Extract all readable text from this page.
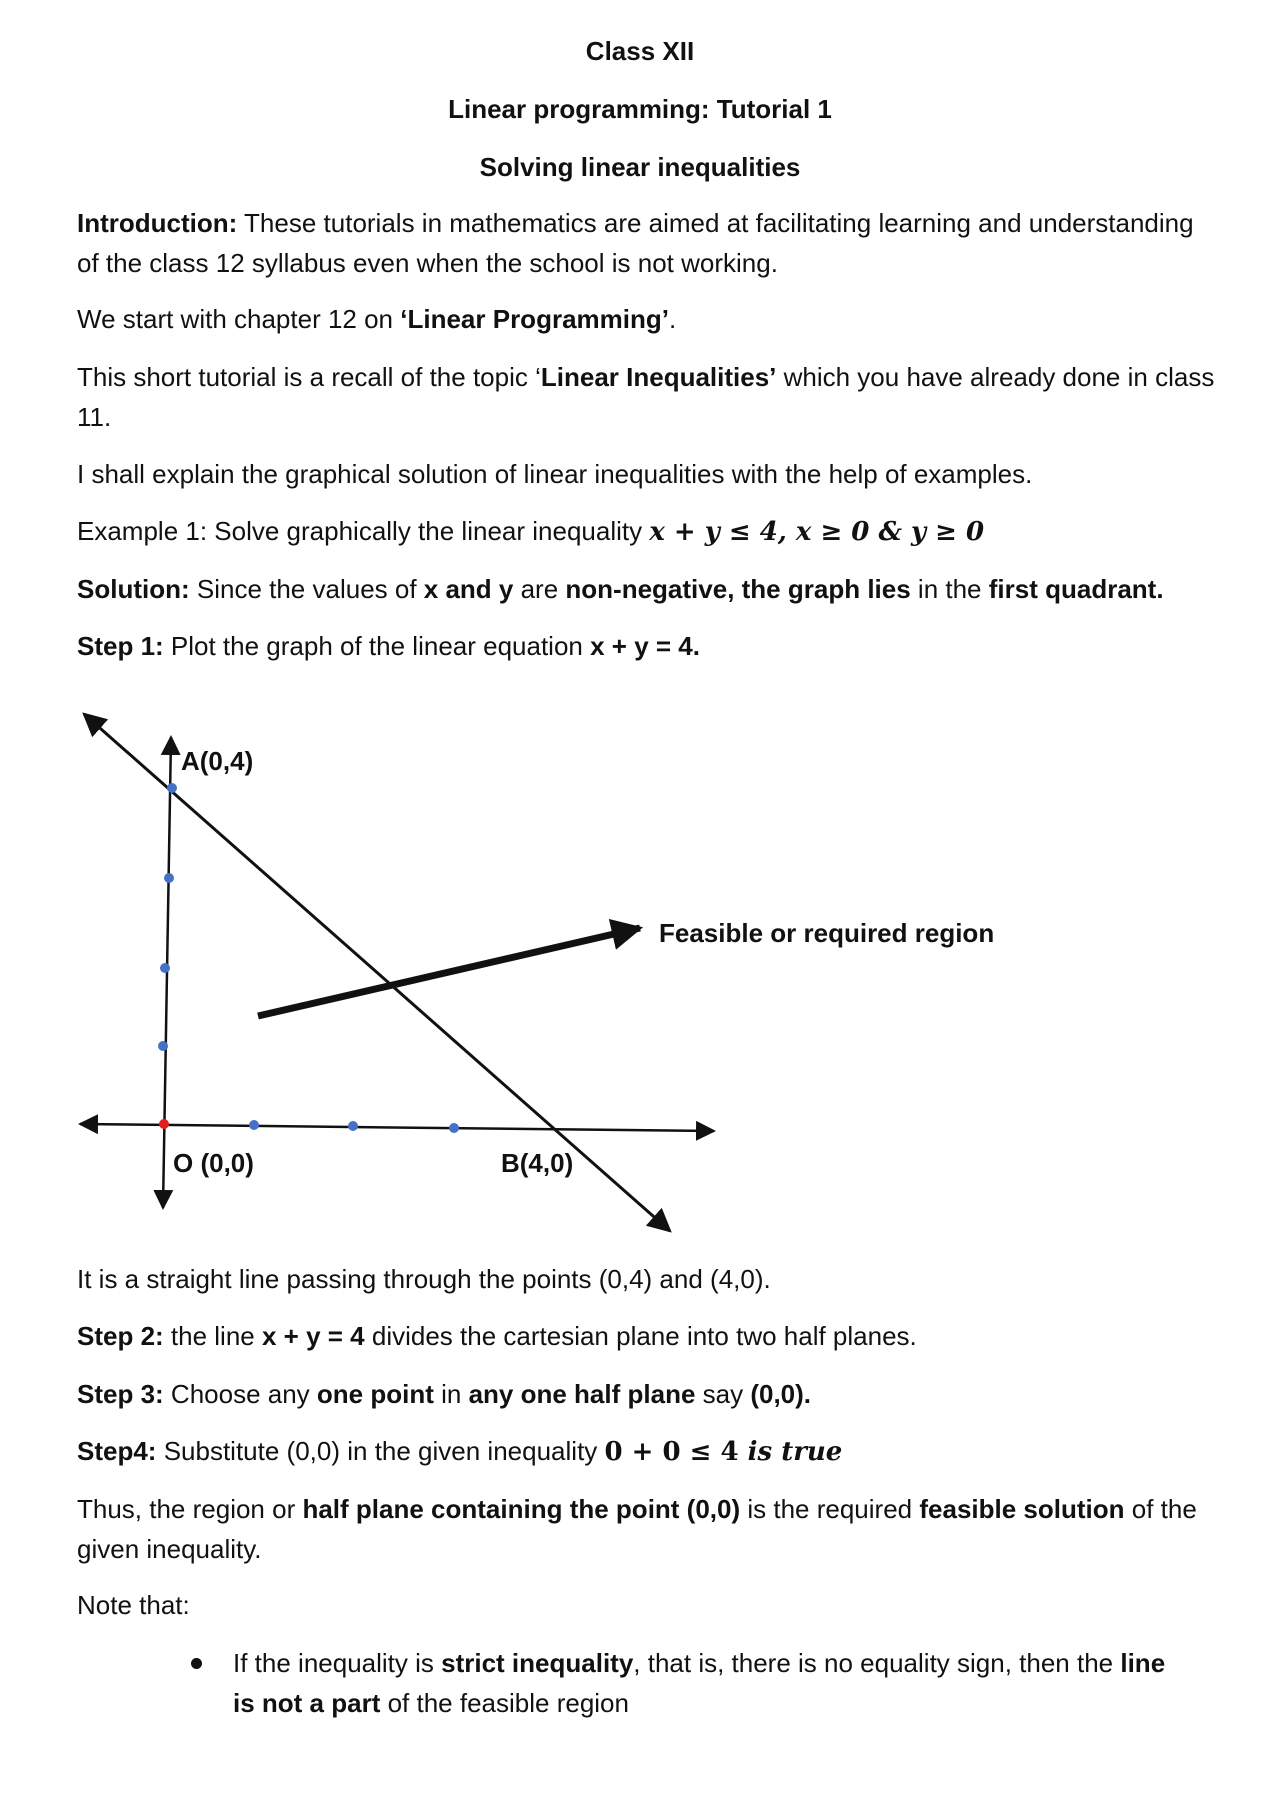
Class XII
Linear programming: Tutorial 1
Solving linear inequalities
Introduction: These tutorials in mathematics are aimed at facilitating learning and understanding of the class 12 syllabus even when the school is not working.
We start with chapter 12 on ‘Linear Programming’.
This short tutorial is a recall of the topic ‘Linear Inequalities’ which you have already done in class 11.
I shall explain the graphical solution of linear inequalities with the help of examples.
Example 1: Solve graphically the linear inequality x + y ≤ 4, x ≥ 0 & y ≥ 0
Solution: Since the values of x and y are non-negative, the graph lies in the first quadrant.
Step 1: Plot the graph of the linear equation x + y = 4.
A(0,4)
O (0,0)	B(4,0)
Feasible or required region
It is a straight line passing through the points (0,4) and (4,0).
Step 2: the line x + y = 4 divides the cartesian plane into two half planes.
Step 3: Choose any one point in any one half plane say (0,0).
Step4: Substitute (0,0) in the given inequality 0 + 0 ≤ 4 is true
Thus, the region or half plane containing the point (0,0) is the required feasible solution of the given inequality.
Note that:
If the inequality is strict inequality, that is, there is no equality sign, then the line is not a part of the feasible region
